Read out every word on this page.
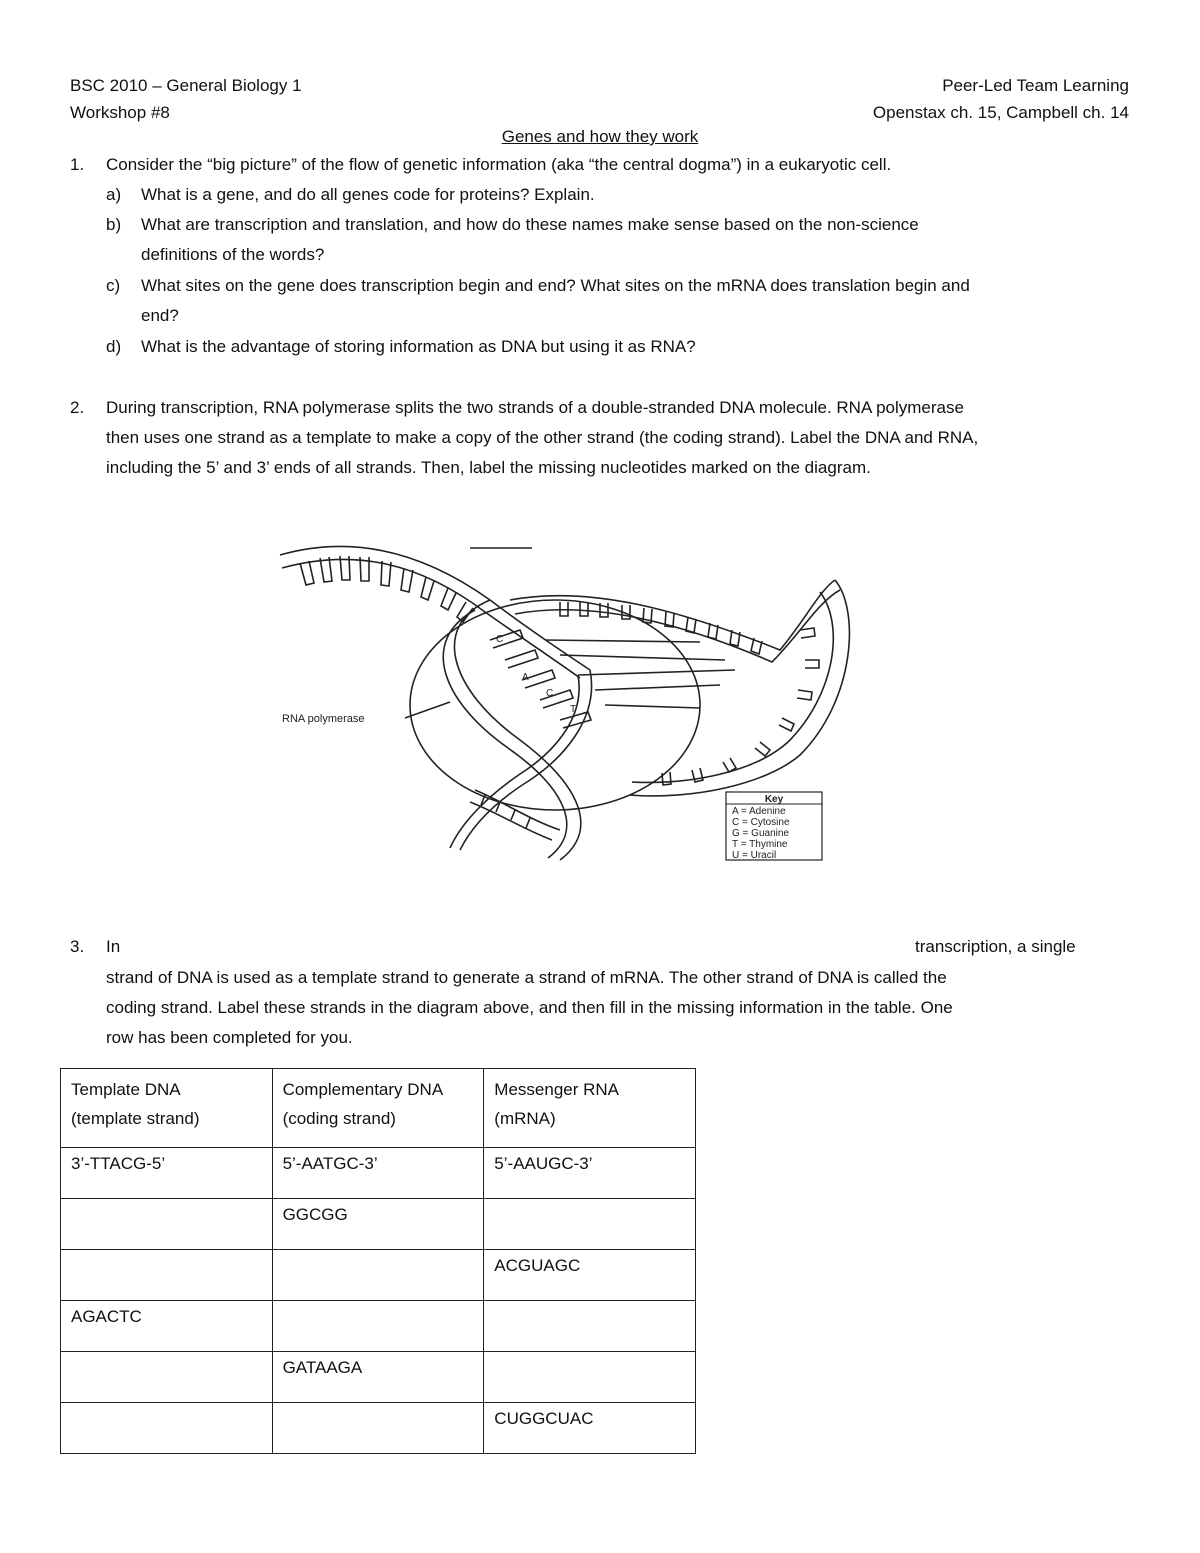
BSC 2010 – General Biology 1	Peer-Led Team Learning
Workshop #8	Openstax ch. 15, Campbell ch. 14
Genes and how they work
1. Consider the “big picture” of the flow of genetic information (aka “the central dogma”) in a eukaryotic cell.
a) What is a gene, and do all genes code for proteins? Explain.
b) What are transcription and translation, and how do these names make sense based on the non-science
definitions of the words?
c) What sites on the gene does transcription begin and end? What sites on the mRNA does translation begin and
end?
d) What is the advantage of storing information as DNA but using it as RNA?
2. During transcription, RNA polymerase splits the two strands of a double-stranded DNA molecule. RNA polymerase
then uses one strand as a template to make a copy of the other strand (the coding strand). Label the DNA and RNA,
including the 5’ and 3’ ends of all strands. Then, label the missing nucleotides marked on the diagram.
RNA polymerase
C
A
C
T
Key
A = Adenine
C = Cytosine
G = Guanine
T = Thymine
U = Uracil
3. In	transcription, a single
strand of DNA is used as a template strand to generate a strand of mRNA. The other strand of DNA is called the
coding strand. Label these strands in the diagram above, and then fill in the missing information in the table. One
row has been completed for you.
Template DNA
(template strand)	Complementary DNA
(coding strand)	Messenger RNA
(mRNA)
3’-TTACG-5’	5’-AATGC-3’	5’-AAUGC-3’
	GGCGG	
		ACGUAGC
AGACTC		
	GATAAGA	
		CUGGCUAC
